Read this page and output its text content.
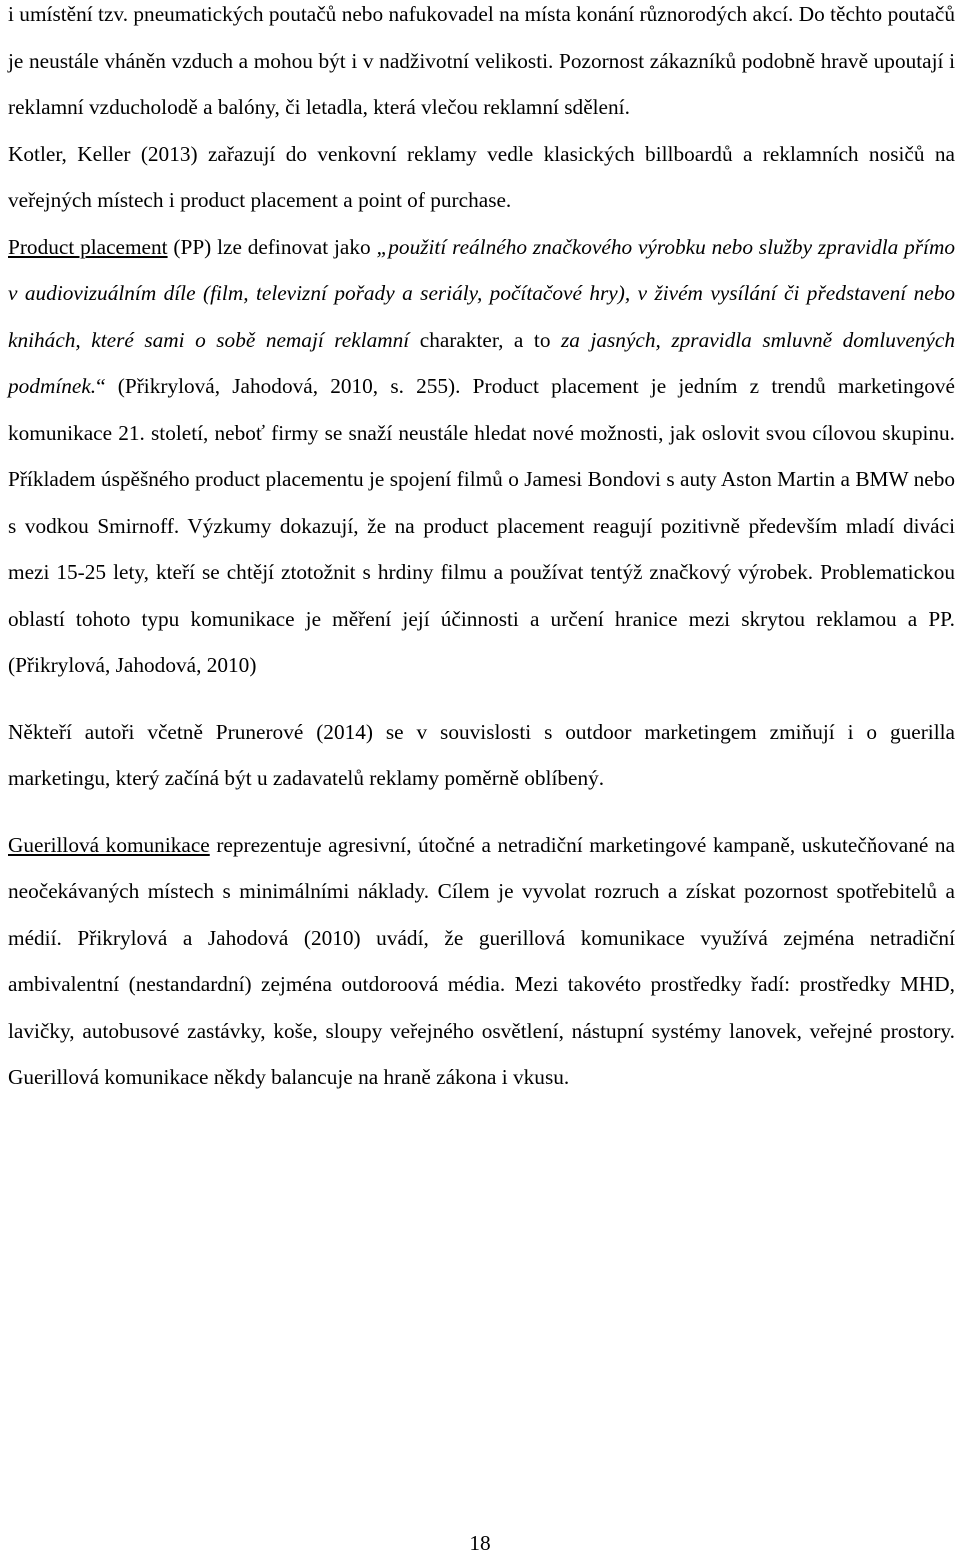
i umístění tzv. pneumatických poutačů nebo nafukovadel na místa konání různorodých akcí. Do těchto poutačů je neustále vháněn vzduch a mohou být i v nadživotní velikosti. Pozornost zákazníků podobně hravě upoutají i reklamní vzducholodě a balóny, či letadla, která vlečou reklamní sdělení.

Kotler, Keller (2013) zařazují do venkovní reklamy vedle klasických billboardů a reklamních nosičů na veřejných místech i product placement a point of purchase.

Product placement (PP) lze definovat jako „použití reálného značkového výrobku nebo služby zpravidla přímo v audiovizuálním díle (film, televizní pořady a seriály, počítačové hry), v živém vysílání či představení nebo knihách, které sami o sobě nemají reklamní charakter, a to za jasných, zpravidla smluvně domluvených podmínek.“ (Přikrylová, Jahodová, 2010, s. 255). Product placement je jedním z trendů marketingové komunikace 21. století, neboť firmy se snaží neustále hledat nové možnosti, jak oslovit svou cílovou skupinu. Příkladem úspěšného product placementu je spojení filmů o Jamesi Bondovi s auty Aston Martin a BMW nebo s vodkou Smirnoff. Výzkumy dokazují, že na product placement reagují pozitivně především mladí diváci mezi 15-25 lety, kteří se chtějí ztotožnit s hrdiny filmu a používat tentýž značkový výrobek. Problematickou oblastí tohoto typu komunikace je měření její účinnosti a určení hranice mezi skrytou reklamou a PP. (Přikrylová, Jahodová, 2010)

Někteří autoři včetně Prunerové (2014) se v souvislosti s outdoor marketingem zmiňují i o guerilla marketingu, který začíná být u zadavatelů reklamy poměrně oblíbený.

Guerillová komunikace reprezentuje agresivní, útočné a netradiční marketingové kampaně, uskutečňované na neočekávaných místech s minimálními náklady. Cílem je vyvolat rozruch a získat pozornost spotřebitelů a médií. Přikrylová a Jahodová (2010) uvádí, že guerillová komunikace využívá zejména netradiční ambivalentní (nestandardní) zejména outdoroová média. Mezi takovéto prostředky řadí: prostředky MHD, lavičky, autobusové zastávky, koše, sloupy veřejného osvětlení, nástupní systémy lanovek, veřejné prostory. Guerillová komunikace někdy balancuje na hraně zákona i vkusu.

18
